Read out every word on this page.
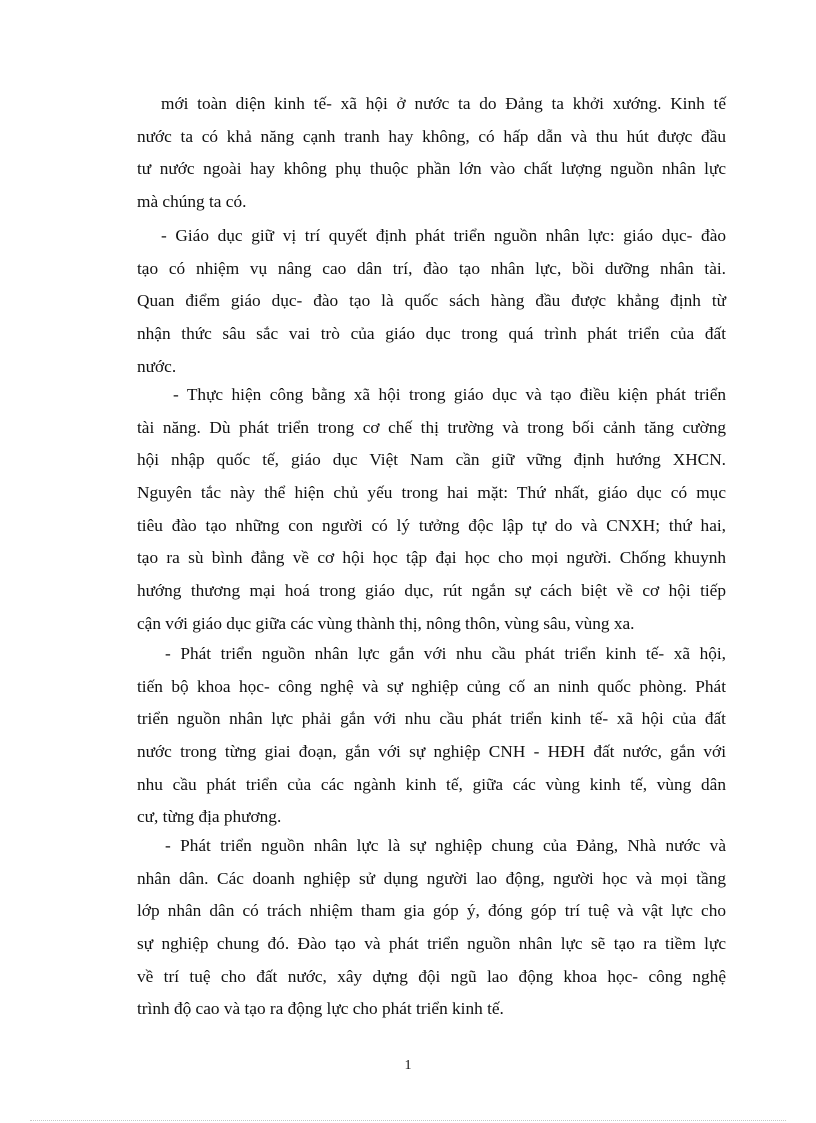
mới toàn diện kinh tế- xã hội ở nước ta do Đảng ta khởi xướng. Kinh tế
nước ta có khả năng cạnh tranh hay không, có hấp dẫn và thu hút được đầu
tư nước ngoài hay không phụ thuộc phần lớn vào chất lượng nguồn nhân lực
mà chúng ta có.
- Giáo dục giữ vị trí quyết định phát triển nguồn nhân lực: giáo dục- đào
tạo có nhiệm vụ nâng cao dân trí, đào tạo nhân lực, bồi dưỡng nhân tài.
Quan điểm giáo dục- đào tạo là quốc sách hàng đầu được khẳng định từ
nhận thức sâu sắc vai trò của giáo dục trong quá trình phát triển của đất
nước.
- Thực hiện công bằng xã hội trong giáo dục và tạo điều kiện phát triển
tài năng. Dù phát triển trong cơ chế thị trường và trong bối cảnh tăng cường
hội nhập quốc tế, giáo dục Việt Nam cần giữ vững định hướng XHCN.
Nguyên tắc này thể hiện chủ yếu trong hai mặt: Thứ nhất, giáo dục có mục
tiêu đào tạo những con người có lý tưởng độc lập tự do và CNXH; thứ hai,
tạo ra sù bình đẳng về cơ hội học tập đại học cho mọi người. Chống khuynh
hướng thương mại hoá trong giáo dục, rút ngắn sự cách biệt về cơ hội tiếp
cận với giáo dục giữa các vùng thành thị, nông thôn, vùng sâu, vùng xa.
- Phát triển nguồn nhân lực gắn với nhu cầu phát triển kinh tế- xã hội,
tiến bộ khoa học- công nghệ và sự nghiệp củng cố an ninh quốc phòng. Phát
triển nguồn nhân lực phải gắn với nhu cầu phát triển kinh tế- xã hội của đất
nước trong từng giai đoạn, gắn với sự nghiệp CNH - HĐH đất nước, gắn với
nhu cầu phát triển của các ngành kinh tế, giữa các vùng kinh tế, vùng dân
cư, từng địa phương.
- Phát triển nguồn nhân lực là sự nghiệp chung của Đảng, Nhà nước và
nhân dân. Các doanh nghiệp sử dụng người lao động, người học và mọi tầng
lớp nhân dân có trách nhiệm tham gia góp ý, đóng góp trí tuệ và vật lực cho
sự nghiệp chung đó. Đào tạo và phát triển nguồn nhân lực sẽ tạo ra tiềm lực
về trí tuệ cho đất nước, xây dựng đội ngũ lao động khoa học- công nghệ
trình độ cao và tạo ra động lực cho phát triển kinh tế.
1
